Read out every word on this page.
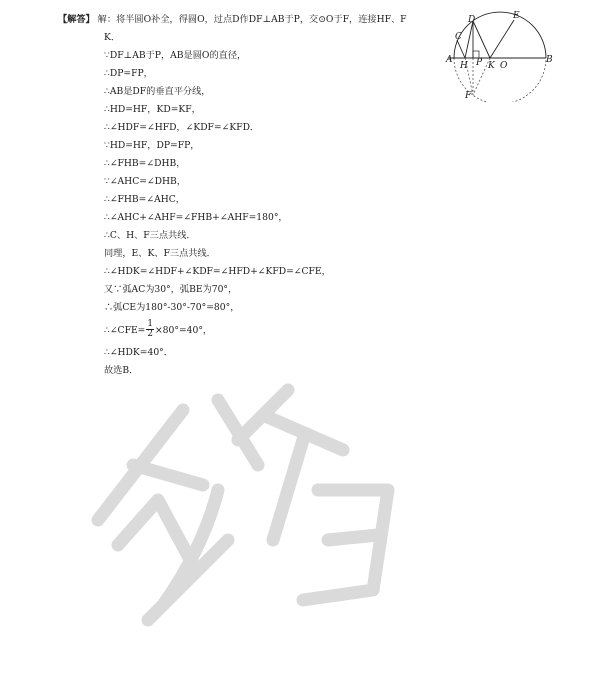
【解答】 解：将半圆O补全，得圆O，过点D作DF⊥AB于P，交⊙O于F，连接HF、F
K．
∵DF⊥AB于P，AB是圆O的直径，
∴DP=FP，
∴AB是DF的垂直平分线，
∴HD=HF，KD=KF，
∴∠HDF=∠HFD，∠KDF=∠KFD．
∵HD=HF，DP=FP，
∴∠FHB=∠DHB，
∵∠AHC=∠DHB，
∴∠FHB=∠AHC，
∴∠AHC+∠AHF=∠FHB+∠AHF=180°，
∴C、H、F三点共线．
同理，E、K、F三点共线．
∴∠HDK=∠HDF+∠KDF=∠HFD+∠KFD=∠CFE，
又∵弧AC为30°，弧BE为70°，
∴弧CE为180°-30°-70°=80°，
∴∠CFE= $\frac{1}{2} \times 80^\circ=40^\circ$，
∴∠HDK=40°．
故选B．
A	B
C
D	E
F
H P K O
